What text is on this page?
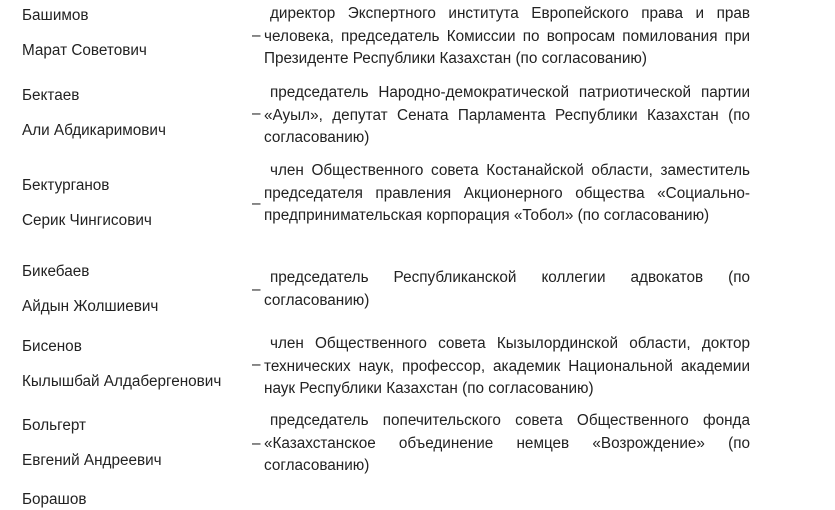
Башимов
Марат Советович
–
директор Экспертного института Европейского права и прав человека, председатель Комиссии по вопросам помилования при Президенте Республики Казахстан (по согласованию)
Бектаев
Али Абдикаримович
–
председатель Народно-демократической патриотической партии «Ауыл», депутат Сената Парламента Республики Казахстан (по согласованию)
Бектурганов
Серик Чингисович
–
член Общественного совета Костанайской области, заместитель председателя правления Акционерного общества «Социально-предпринимательская корпорация «Тобол» (по согласованию)
Бикебаев
Айдын Жолшиевич
–
председатель Республиканской коллегии адвокатов (по согласованию)
Бисенов
Кылышбай Алдабергенович
–
член Общественного совета Кызылординской области, доктор технических наук, профессор, академик Национальной академии наук Республики Казахстан (по согласованию)
Больгерт
Евгений Андреевич
–
председатель попечительского совета Общественного фонда «Казахстанское объединение немцев «Возрождение» (по согласованию)
Борашов
